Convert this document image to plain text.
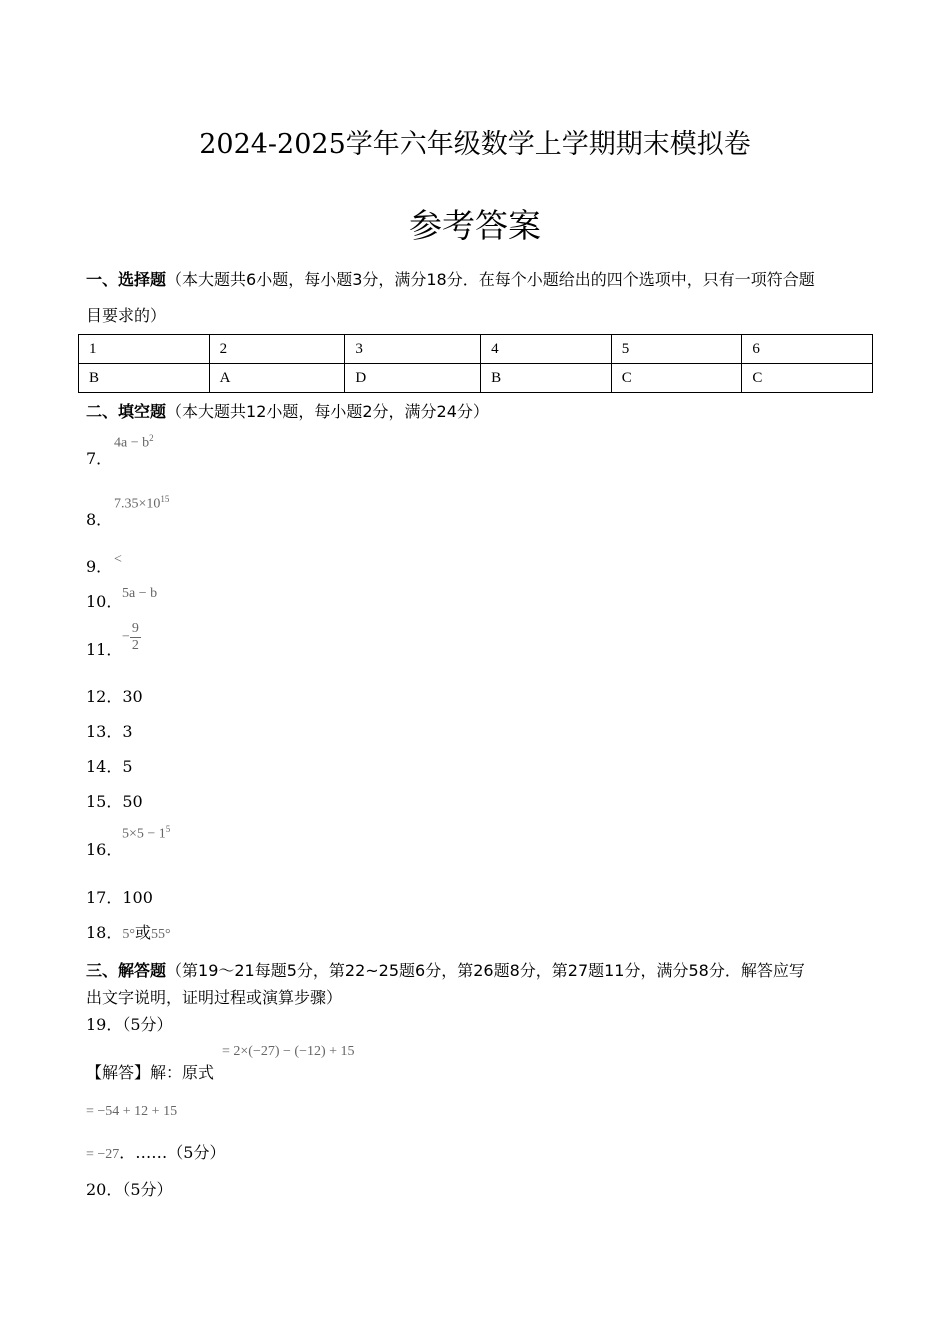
2024-2025学年六年级数学上学期期末模拟卷
参考答案
一、选择题（本大题共6小题，每小题3分，满分18分．在每个小题给出的四个选项中，只有一项符合题
目要求的）
1	2	3	4	5	6
B	A	D	B	C	C
二、填空题（本大题共12小题，每小题2分，满分24分）
7．
$4a - b^2$
8．
$7.35\times 10^{15}$
9． <
10． 5a − b
11．
− $\frac{9}{2}$
12．30
13．3
14．5
15．50
16．
$5\times 5 - 1^5$
17．100
18．5°或55°
三、解答题（第19～21每题5分，第22~25题6分，第26题8分，第27题11分，满分58分．解答应写
出文字说明，证明过程或演算步骤）
19．（5分）
【解答】解：原式
= 2×(−27) − (−12) + 15
= −54 + 12 + 15
= −27．……（5分）
20．（5分）
